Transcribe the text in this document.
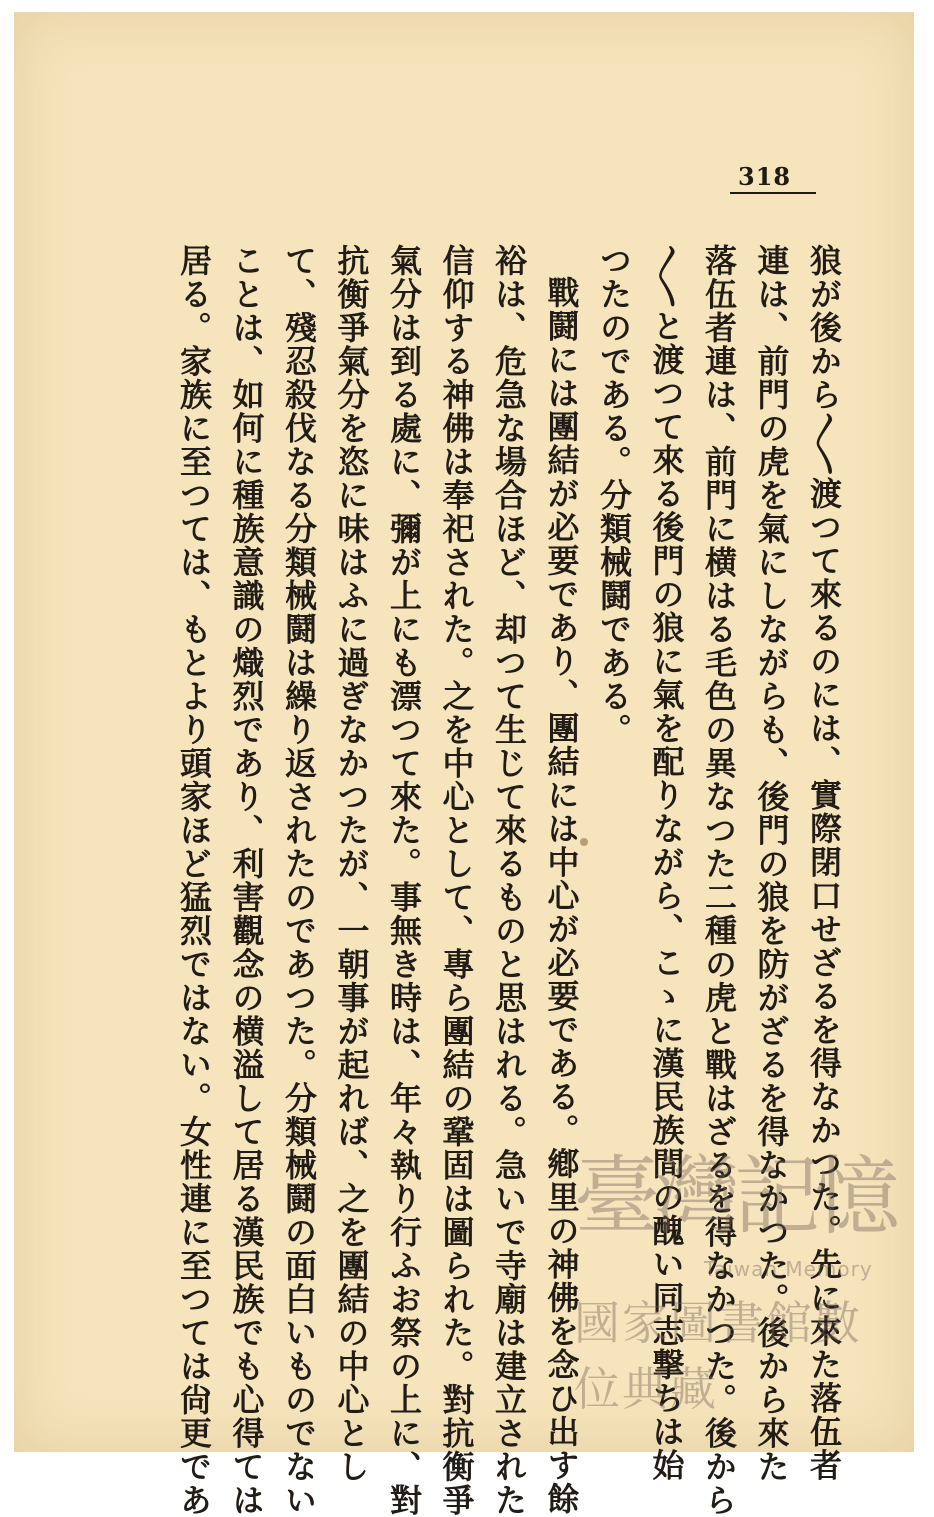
318
狼が後から〳〵渡つて來るのには、實際閉口せざるを得なかつた。先に來た落伍者
連は、前門の虎を氣にしながらも、後門の狼を防がざるを得なかつた。後から來た
落伍者連は、前門に横はる毛色の異なつた二種の虎と戰はざるを得なかつた。後から
〳〵と渡つて來る後門の狼に氣を配りながら、こゝに漢民族間の醜い同志撃ちは始
つたのである。分類械鬪である。
戰鬪には團結が必要であり、團結には中心が必要である。鄕里の神佛を念ひ出す餘
裕は、危急な場合ほど、却つて生じて來るものと思はれる。急いで寺廟は建立された
信仰する神佛は奉祀された。之を中心として、專ら團結の鞏固は圖られた。對抗衡爭
氣分は到る處に、彌が上にも漂つて來た。事無き時は、年々執り行ふお祭の上に、對
抗衡爭氣分を恣に味はふに過ぎなかつたが、一朝事が起れば、之を團結の中心とし
て、殘忍殺伐なる分類械鬪は繰り返されたのであつた。分類械鬪の面白いものでない
ことは、如何に種族意識の熾烈であり、利害觀念の横溢して居る漢民族でも心得ては
居る。家族に至つては、もとより頭家ほど猛烈ではない。女性連に至つては尙更であ	臺灣記憶
Taiwan Memory
國家圖書館數位典藏
